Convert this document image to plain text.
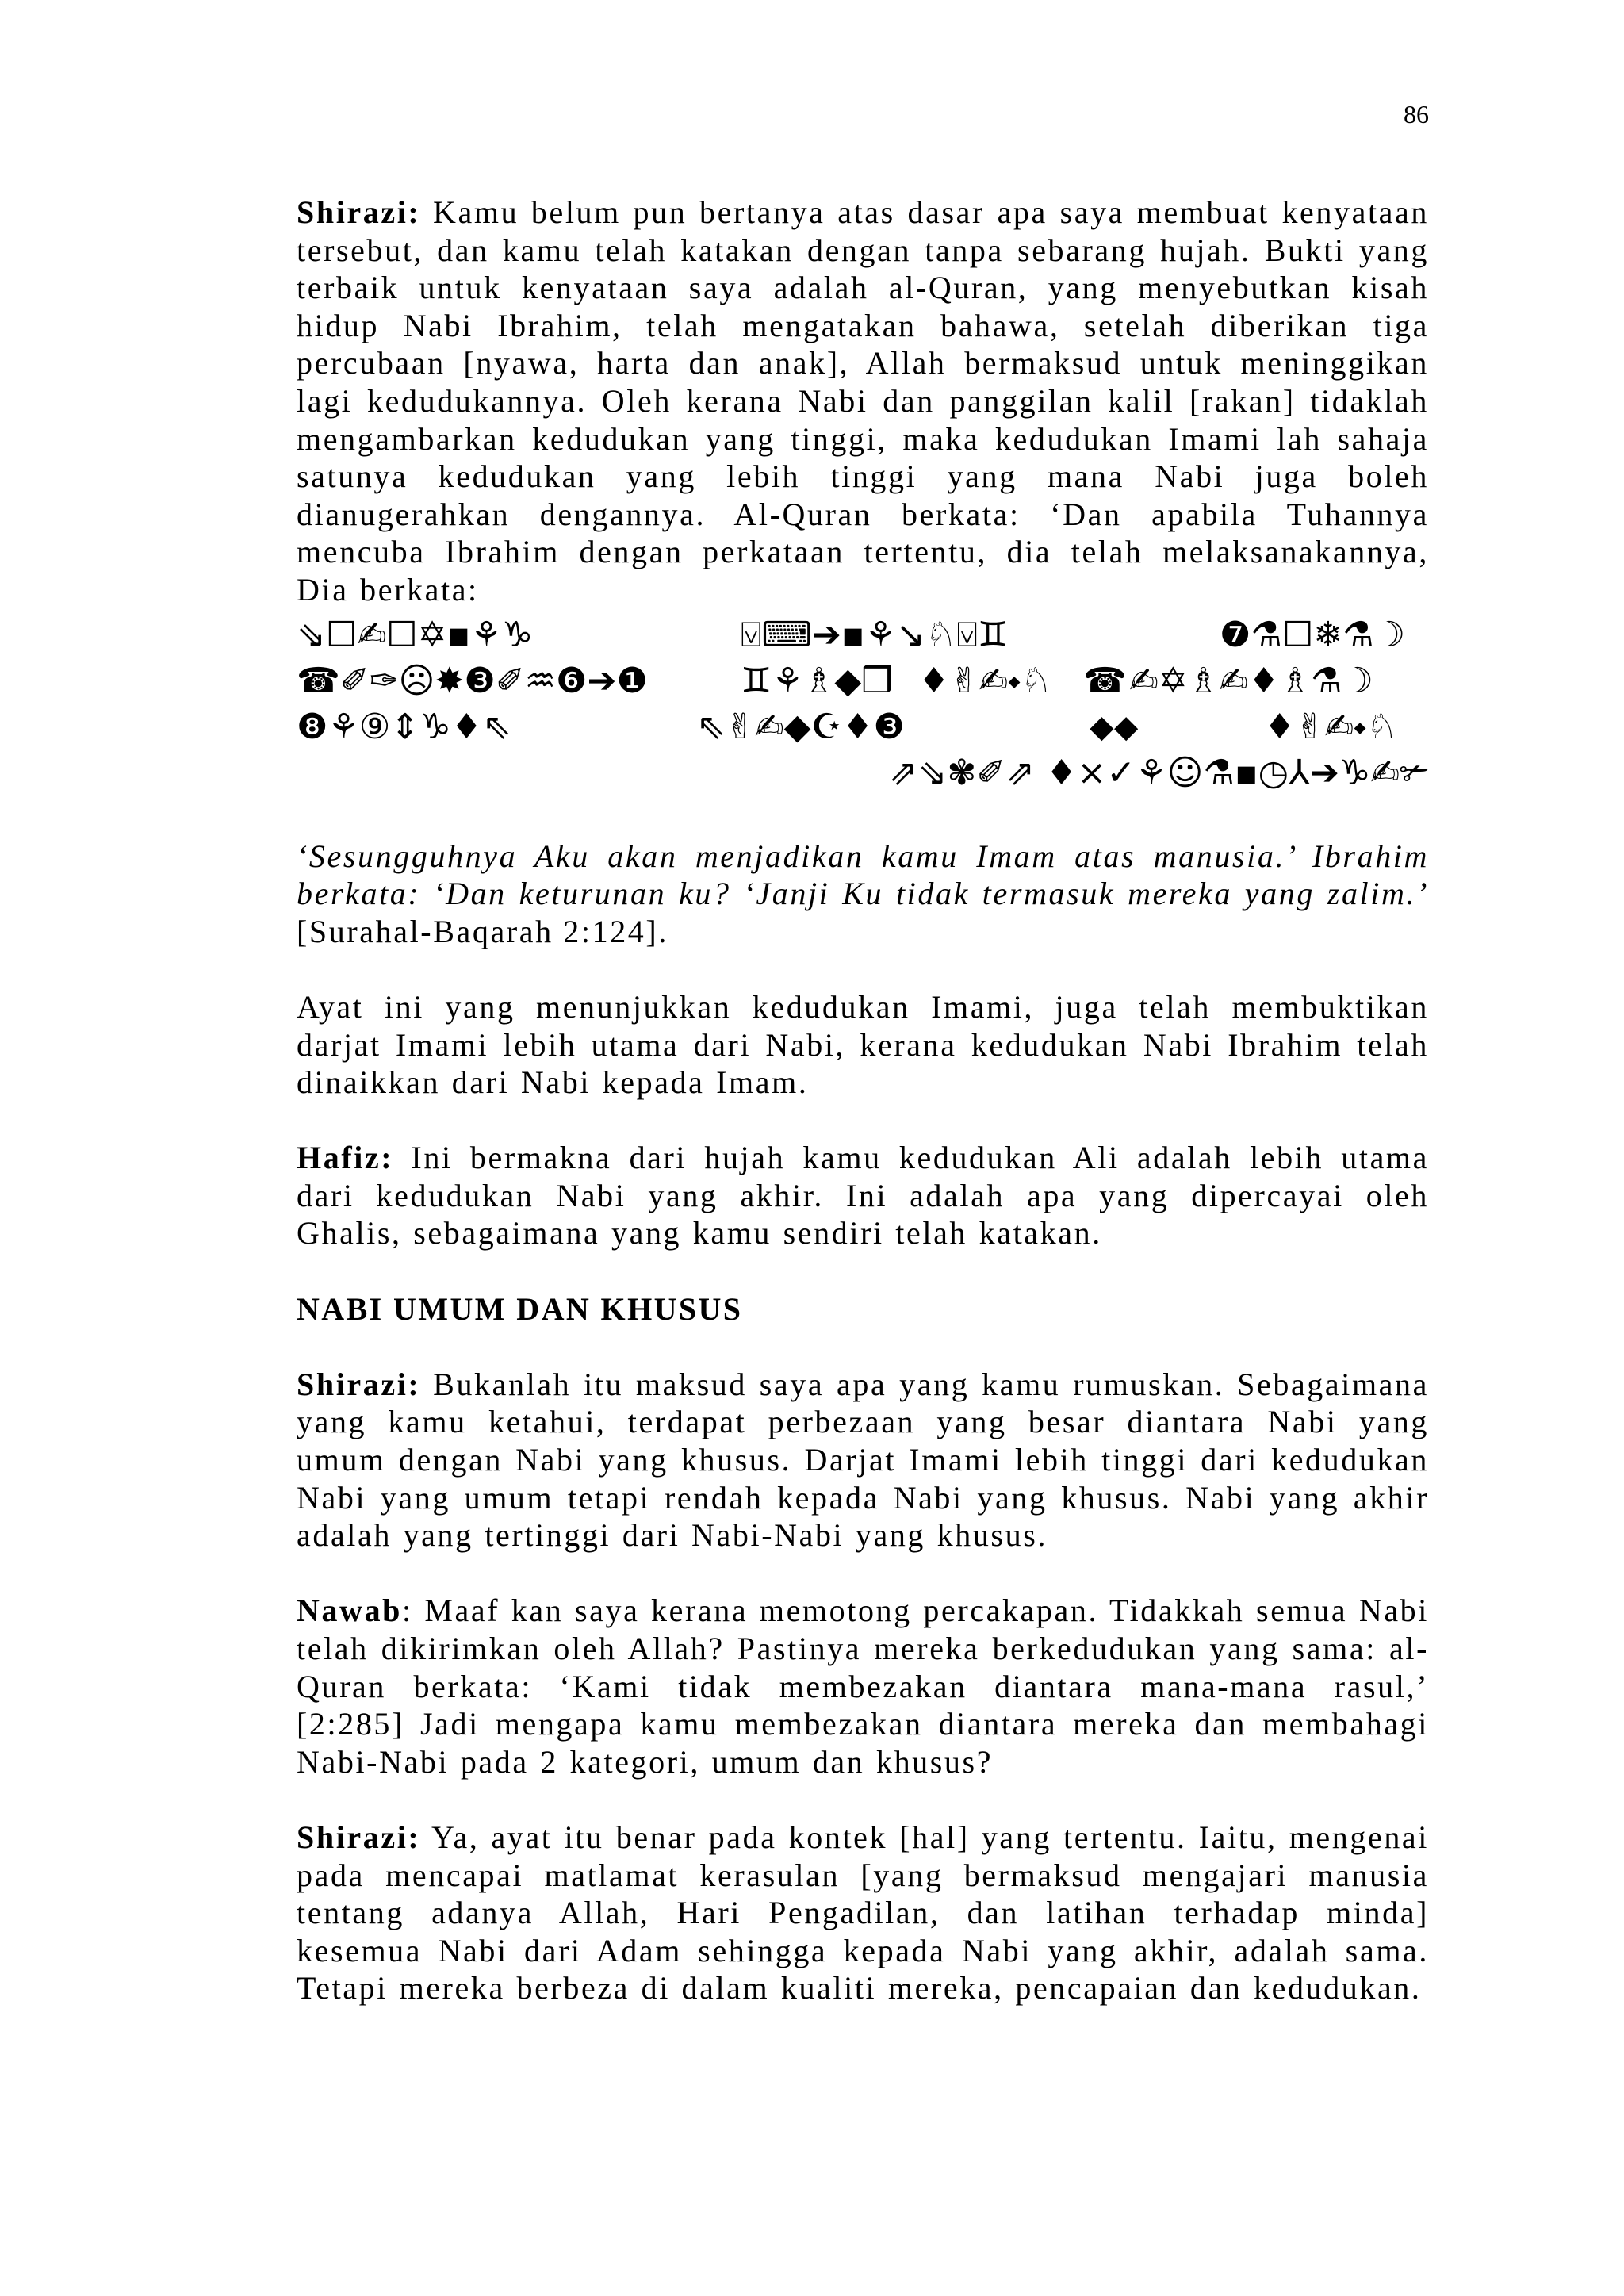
86

Shirazi: Kamu belum pun bertanya atas dasar apa saya membuat kenyataan tersebut, dan kamu telah katakan dengan tanpa sebarang hujah. Bukti yang terbaik untuk kenyataan saya adalah al-Quran, yang menyebutkan kisah hidup Nabi Ibrahim, telah mengatakan bahawa, setelah diberikan tiga percubaan [nyawa, harta dan anak], Allah bermaksud untuk meninggikan lagi kedudukannya. Oleh kerana Nabi dan panggilan kalil [rakan] tidaklah mengambarkan kedudukan yang tinggi, maka kedudukan Imami lah sahaja satunya kedudukan yang lebih tinggi yang mana Nabi juga boleh dianugerahkan dengannya. Al-Quran berkata: ‘Dan apabila Tuhannya mencuba Ibrahim dengan perkataan tertentu, dia telah melaksanakannya, Dia berkata:

⇘☐✍☐✡▪⚘♑	⍌⌨➔▪⚘↘♘⍌♊	❼⚗☐❄⚗☽
☎✐✑☹✸❸✐♒❻➔❶	♊⚘♗◆❒ ♦✌✍⬩♘ ☎ ✍✡♗✍♦♗⚗☽
❽⚘⑨⇕♑♦⇖	⇖✌✍◆☪♦❸	⬥⬥	♦✌✍⬩♘
⇗⇘✾✐⇗ ♦×✓⚘☺⚗▪◷⅄➔♑✍✃

‘Sesungguhnya Aku akan menjadikan kamu Imam atas manusia.’ Ibrahim berkata: ‘Dan keturunan ku? ‘Janji Ku tidak termasuk mereka yang zalim.’ [Surahal-Baqarah 2:124].

Ayat ini yang menunjukkan kedudukan Imami, juga telah membuktikan darjat Imami lebih utama dari Nabi, kerana kedudukan Nabi Ibrahim telah dinaikkan dari Nabi kepada Imam.

Hafiz: Ini bermakna dari hujah kamu kedudukan Ali adalah lebih utama dari kedudukan Nabi yang akhir. Ini adalah apa yang dipercayai oleh Ghalis, sebagaimana yang kamu sendiri telah katakan.

NABI UMUM DAN KHUSUS

Shirazi: Bukanlah itu maksud saya apa yang kamu rumuskan. Sebagaimana yang kamu ketahui, terdapat perbezaan yang besar diantara Nabi yang umum dengan Nabi yang khusus. Darjat Imami lebih tinggi dari kedudukan Nabi yang umum tetapi rendah kepada Nabi yang khusus. Nabi yang akhir adalah yang tertinggi dari Nabi-Nabi yang khusus.

Nawab: Maaf kan saya kerana memotong percakapan. Tidakkah semua Nabi telah dikirimkan oleh Allah? Pastinya mereka berkedudukan yang sama: al-Quran berkata: ‘Kami tidak membezakan diantara mana-mana rasul,’ [2:285] Jadi mengapa kamu membezakan diantara mereka dan membahagi Nabi-Nabi pada 2 kategori, umum dan khusus?

Shirazi: Ya, ayat itu benar pada kontek [hal] yang tertentu. Iaitu, mengenai pada mencapai matlamat kerasulan [yang bermaksud mengajari manusia tentang adanya Allah, Hari Pengadilan, dan latihan terhadap minda] kesemua Nabi dari Adam sehingga kepada Nabi yang akhir, adalah sama. Tetapi mereka berbeza di dalam kualiti mereka, pencapaian dan kedudukan.
